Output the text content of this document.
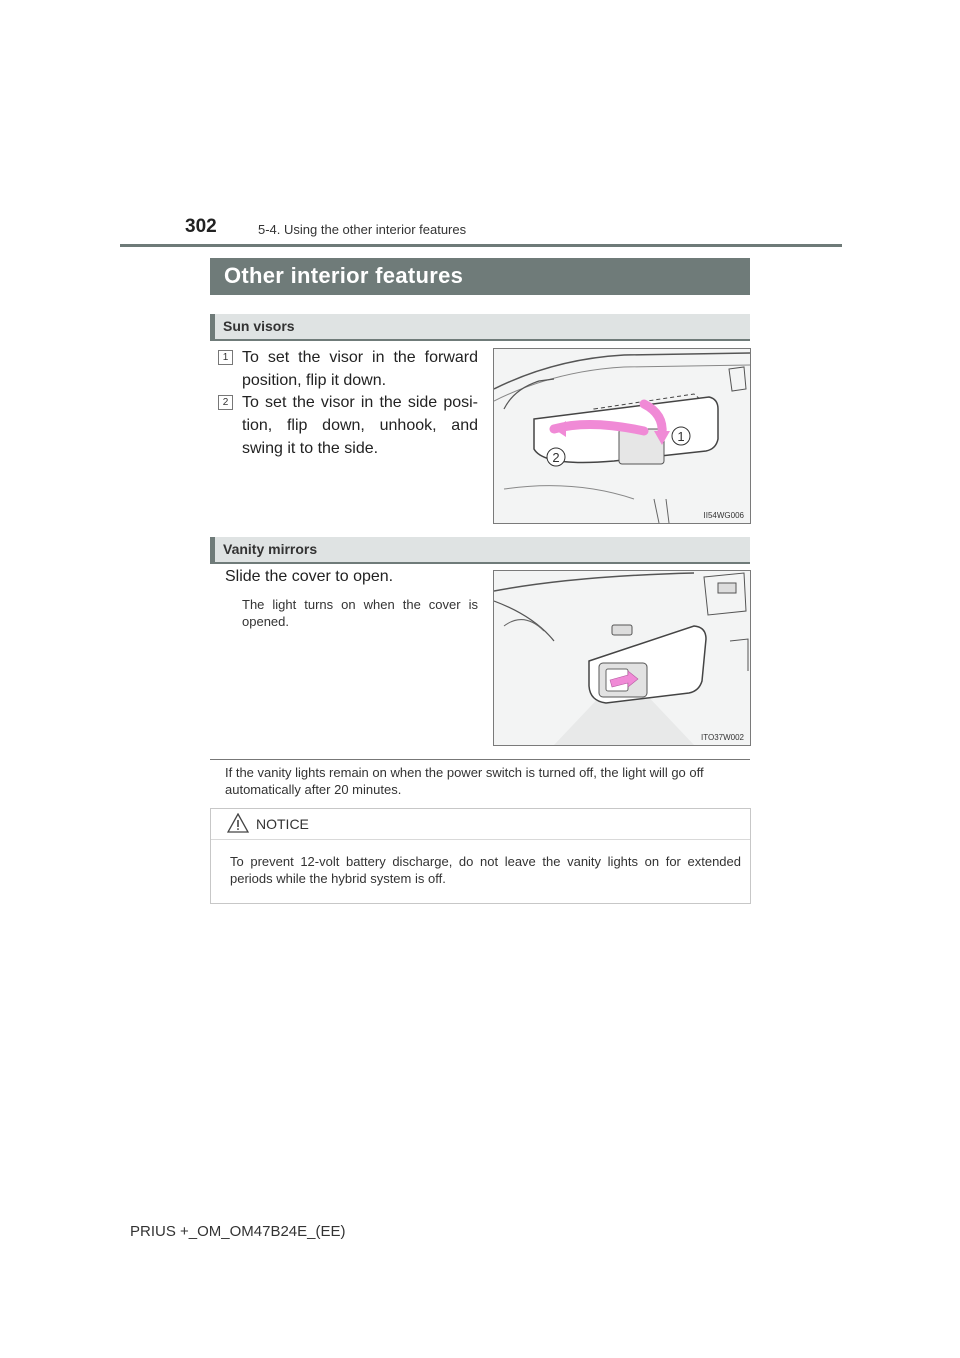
302	5-4. Using the other interior features
Other interior features
Sun visors
1 To set the visor in the forward position, flip it down.
2 To set the visor in the side posi- tion, flip down, unhook, and swing it to the side.
1
2
II54WG006
Vanity mirrors
Slide the cover to open.
The light turns on when the cover is opened.
ITO37W002
If the vanity lights remain on when the power switch is turned off, the light will go off automatically after 20 minutes.
NOTICE
To prevent 12-volt battery discharge, do not leave the vanity lights on for extended periods while the hybrid system is off.
PRIUS +_OM_OM47B24E_(EE)
